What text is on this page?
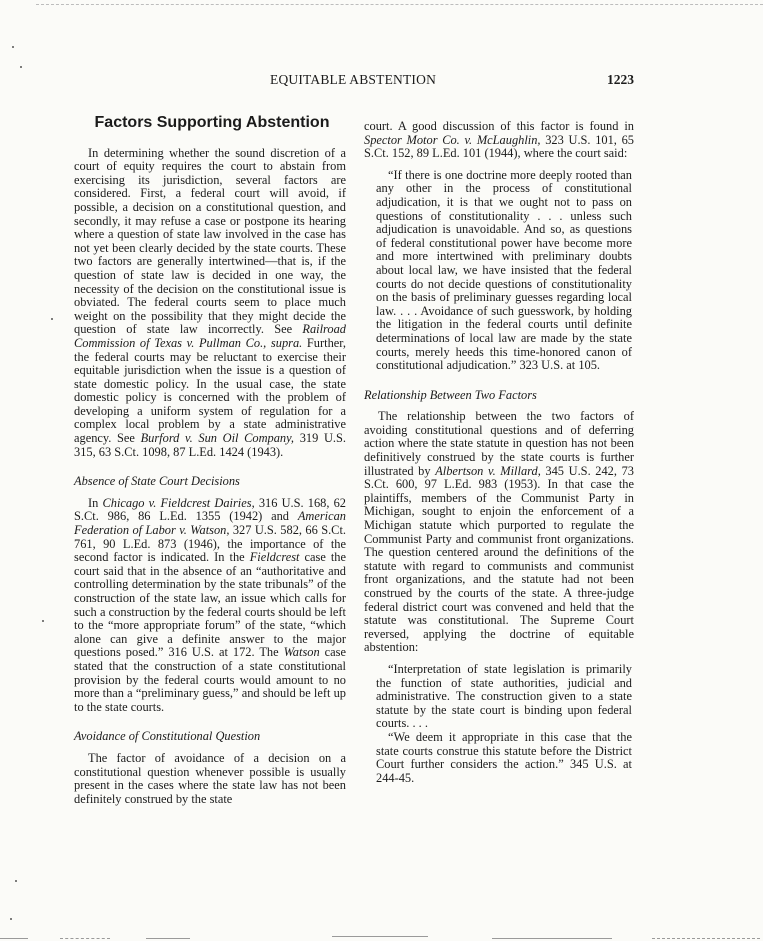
EQUITABLE ABSTENTION	1223
Factors Supporting Abstention

In determining whether the sound discretion of a court of equity requires the court to abstain from exercising its jurisdiction, several factors are considered. First, a federal court will avoid, if possible, a decision on a constitutional question, and secondly, it may refuse a case or postpone its hearing where a question of state law involved in the case has not yet been clearly decided by the state courts. These two factors are generally intertwined—that is, if the question of state law is decided in one way, the necessity of the decision on the constitutional issue is obviated. The federal courts seem to place much weight on the possibility that they might decide the question of state law incorrectly. See Railroad Commission of Texas v. Pullman Co., supra. Further, the federal courts may be reluctant to exercise their equitable jurisdiction when the issue is a question of state domestic policy. In the usual case, the state domestic policy is concerned with the problem of developing a uniform system of regulation for a complex local problem by a state administrative agency. See Burford v. Sun Oil Company, 319 U.S. 315, 63 S.Ct. 1098, 87 L.Ed. 1424 (1943).

Absence of State Court Decisions

In Chicago v. Fieldcrest Dairies, 316 U.S. 168, 62 S.Ct. 986, 86 L.Ed. 1355 (1942) and American Federation of Labor v. Watson, 327 U.S. 582, 66 S.Ct. 761, 90 L.Ed. 873 (1946), the importance of the second factor is indicated. In the Fieldcrest case the court said that in the absence of an “authoritative and controlling determination by the state tribunals” of the construction of the state law, an issue which calls for such a construction by the federal courts should be left to the “more appropriate forum” of the state, “which alone can give a definite answer to the major questions posed.” 316 U.S. at 172. The Watson case stated that the construction of a state constitutional provision by the federal courts would amount to no more than a “preliminary guess,” and should be left up to the state courts.

Avoidance of Constitutional Question

The factor of avoidance of a decision on a constitutional question whenever possible is usually present in the cases where the state law has not been definitely construed by the state

court. A good discussion of this factor is found in Spector Motor Co. v. McLaughlin, 323 U.S. 101, 65 S.Ct. 152, 89 L.Ed. 101 (1944), where the court said:

“If there is one doctrine more deeply rooted than any other in the process of constitutional adjudication, it is that we ought not to pass on questions of constitutionality . . . unless such adjudication is unavoidable. And so, as questions of federal constitutional power have become more and more intertwined with preliminary doubts about local law, we have insisted that the federal courts do not decide questions of constitutionality on the basis of preliminary guesses regarding local law. . . . Avoidance of such guesswork, by holding the litigation in the federal courts until definite determinations of local law are made by the state courts, merely heeds this time-honored canon of constitutional adjudication.” 323 U.S. at 105.

Relationship Between Two Factors

The relationship between the two factors of avoiding constitutional questions and of deferring action where the state statute in question has not been definitively construed by the state courts is further illustrated by Albertson v. Millard, 345 U.S. 242, 73 S.Ct. 600, 97 L.Ed. 983 (1953). In that case the plaintiffs, members of the Communist Party in Michigan, sought to enjoin the enforcement of a Michigan statute which purported to regulate the Communist Party and communist front organizations. The question centered around the definitions of the statute with regard to communists and communist front organizations, and the statute had not been construed by the courts of the state. A three-judge federal district court was convened and held that the statute was constitutional. The Supreme Court reversed, applying the doctrine of equitable abstention:

“Interpretation of state legislation is primarily the function of state authorities, judicial and administrative. The construction given to a state statute by the state court is binding upon federal courts. . . .

“We deem it appropriate in this case that the state courts construe this statute before the District Court further considers the action.” 345 U.S. at 244-45.
